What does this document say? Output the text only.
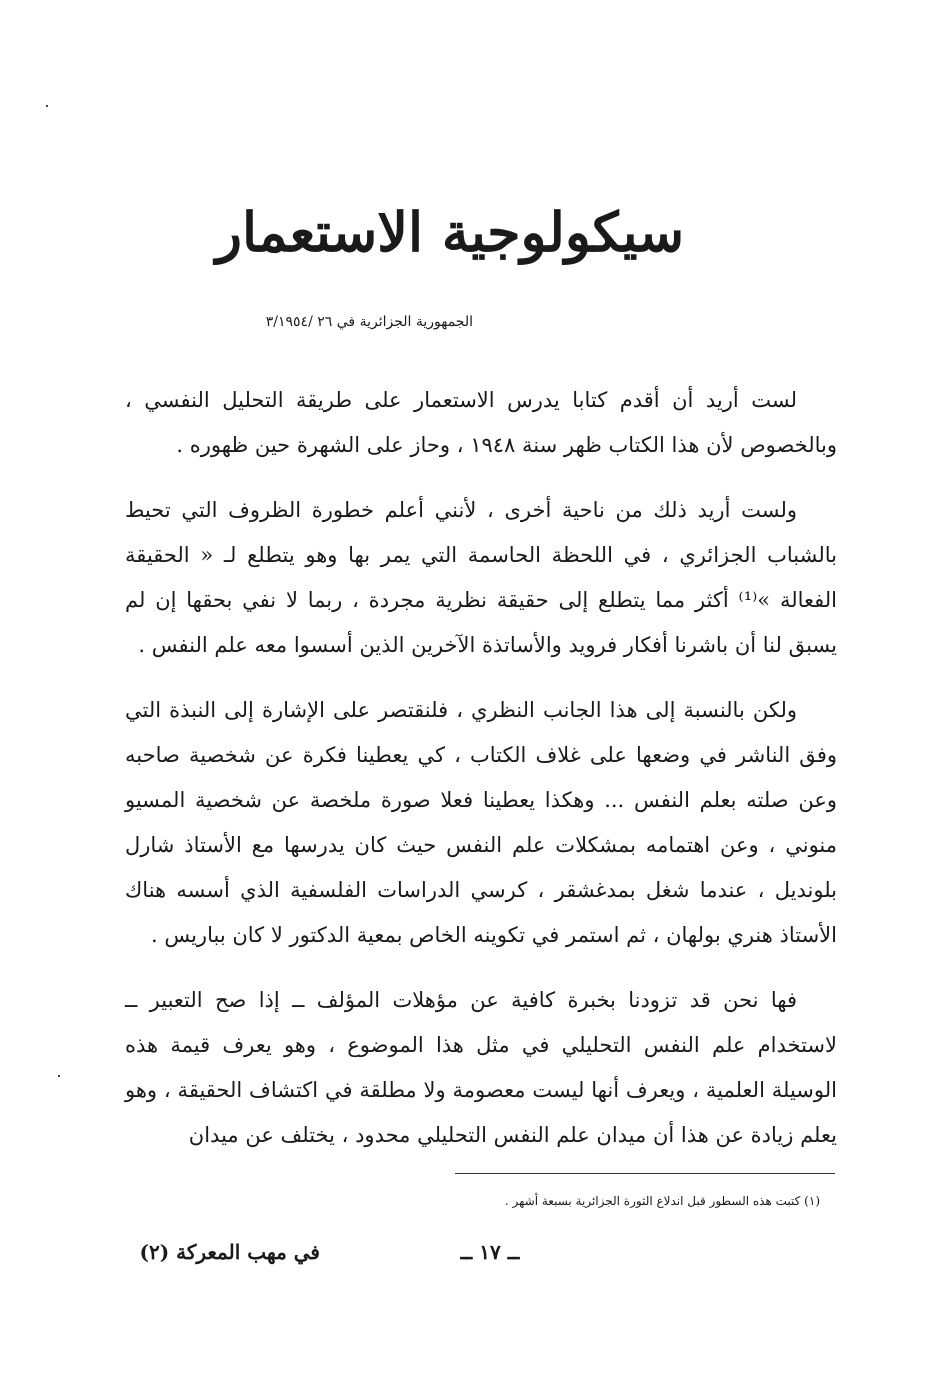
سيكولوجية الاستعمار
الجمهورية الجزائرية في ٢٦ /٣/١٩٥٤

لست أريد أن أقدم كتابا يدرس الاستعمار على طريقة التحليل النفسي ، وبالخصوص لأن هذا الكتاب ظهر سنة ١٩٤٨ ، وحاز على الشهرة حين ظهوره .

ولست أريد ذلك من ناحية أخرى ، لأنني أعلم خطورة الظروف التي تحيط بالشباب الجزائري ، في اللحظة الحاسمة التي يمر بها وهو يتطلع لـ « الحقيقة الفعالة »⁽¹⁾ أكثر مما يتطلع إلى حقيقة نظرية مجردة ، ربما لا نفي بحقها إن لم يسبق لنا أن باشرنا أفكار فرويد والأساتذة الآخرين الذين أسسوا معه علم النفس .

ولكن بالنسبة إلى هذا الجانب النظري ، فلنقتصر على الإشارة إلى النبذة التي وفق الناشر في وضعها على غلاف الكتاب ، كي يعطينا فكرة عن شخصية صاحبه وعن صلته بعلم النفس ... وهكذا يعطينا فعلا صورة ملخصة عن شخصية المسيو منوني ، وعن اهتمامه بمشكلات علم النفس حيث كان يدرسها مع الأستاذ شارل بلونديل ، عندما شغل بمدغشقر ، كرسي الدراسات الفلسفية الذي أسسه هناك الأستاذ هنري بولهان ، ثم استمر في تكوينه الخاص بمعية الدكتور لا كان بباريس .

فها نحن قد تزودنا بخبرة كافية عن مؤهلات المؤلف ــ إذا صح التعبير ــ لاستخدام علم النفس التحليلي في مثل هذا الموضوع ، وهو يعرف قيمة هذه الوسيلة العلمية ، ويعرف أنها ليست معصومة ولا مطلقة في اكتشاف الحقيقة ، وهو يعلم زيادة عن هذا أن ميدان علم النفس التحليلي محدود ، يختلف عن ميدان

(١) كتبت هذه السطور قبل اندلاع الثورة الجزائرية بسبعة أشهر .
ــ ١٧ ــ
في مهب المعركة (٢)
